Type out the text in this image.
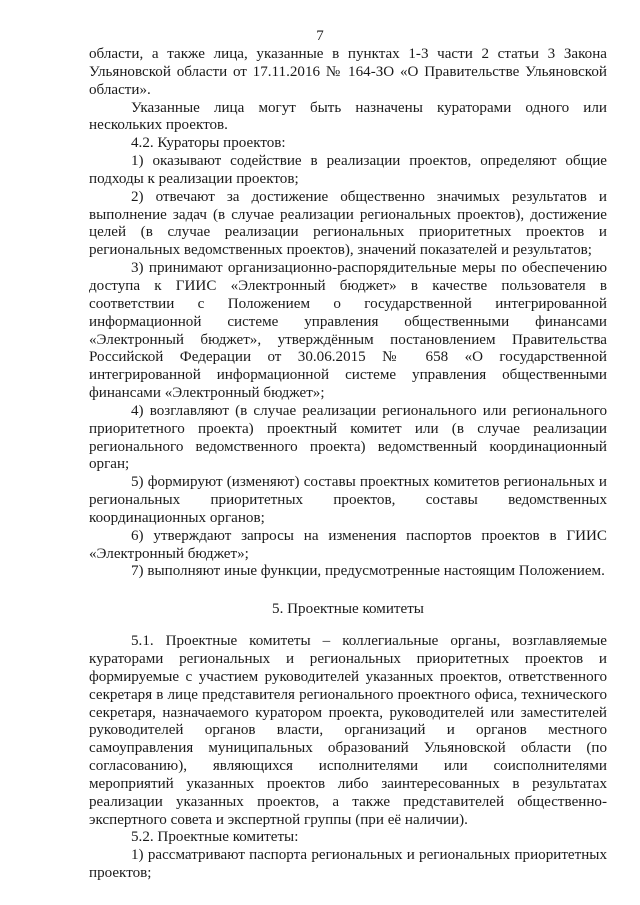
7

области, а также лица, указанные в пунктах 1-3 части 2 статьи 3 Закона Ульяновской области от 17.11.2016 № 164-ЗО «О Правительстве Ульяновской области».

Указанные лица могут быть назначены кураторами одного или нескольких проектов.

4.2. Кураторы проектов:

1) оказывают содействие в реализации проектов, определяют общие подходы к реализации проектов;

2) отвечают за достижение общественно значимых результатов и выполнение задач (в случае реализации региональных проектов), достижение целей (в случае реализации региональных приоритетных проектов и региональных ведомственных проектов), значений показателей и результатов;

3) принимают организационно-распорядительные меры по обеспечению доступа к ГИИС «Электронный бюджет» в качестве пользователя в соответствии с Положением о государственной интегрированной информационной системе управления общественными финансами «Электронный бюджет», утверждённым постановлением Правительства Российской Федерации от 30.06.2015 № 658 «О государственной интегрированной информационной системе управления общественными финансами «Электронный бюджет»;

4) возглавляют (в случае реализации регионального или регионального приоритетного проекта) проектный комитет или (в случае реализации регионального ведомственного проекта) ведомственный координационный орган;

5) формируют (изменяют) составы проектных комитетов региональных и региональных приоритетных проектов, составы ведомственных координационных органов;

6) утверждают запросы на изменения паспортов проектов в ГИИС «Электронный бюджет»;

7) выполняют иные функции, предусмотренные настоящим Положением.

5. Проектные комитеты

5.1. Проектные комитеты – коллегиальные органы, возглавляемые кураторами региональных и региональных приоритетных проектов и формируемые с участием руководителей указанных проектов, ответственного секретаря в лице представителя регионального проектного офиса, технического секретаря, назначаемого куратором проекта, руководителей или заместителей руководителей органов власти, организаций и органов местного самоуправления муниципальных образований Ульяновской области (по согласованию), являющихся исполнителями или соисполнителями мероприятий указанных проектов либо заинтересованных в результатах реализации указанных проектов, а также представителей общественно-экспертного совета и экспертной группы (при её наличии).

5.2. Проектные комитеты:

1) рассматривают паспорта региональных и региональных приоритетных проектов;
